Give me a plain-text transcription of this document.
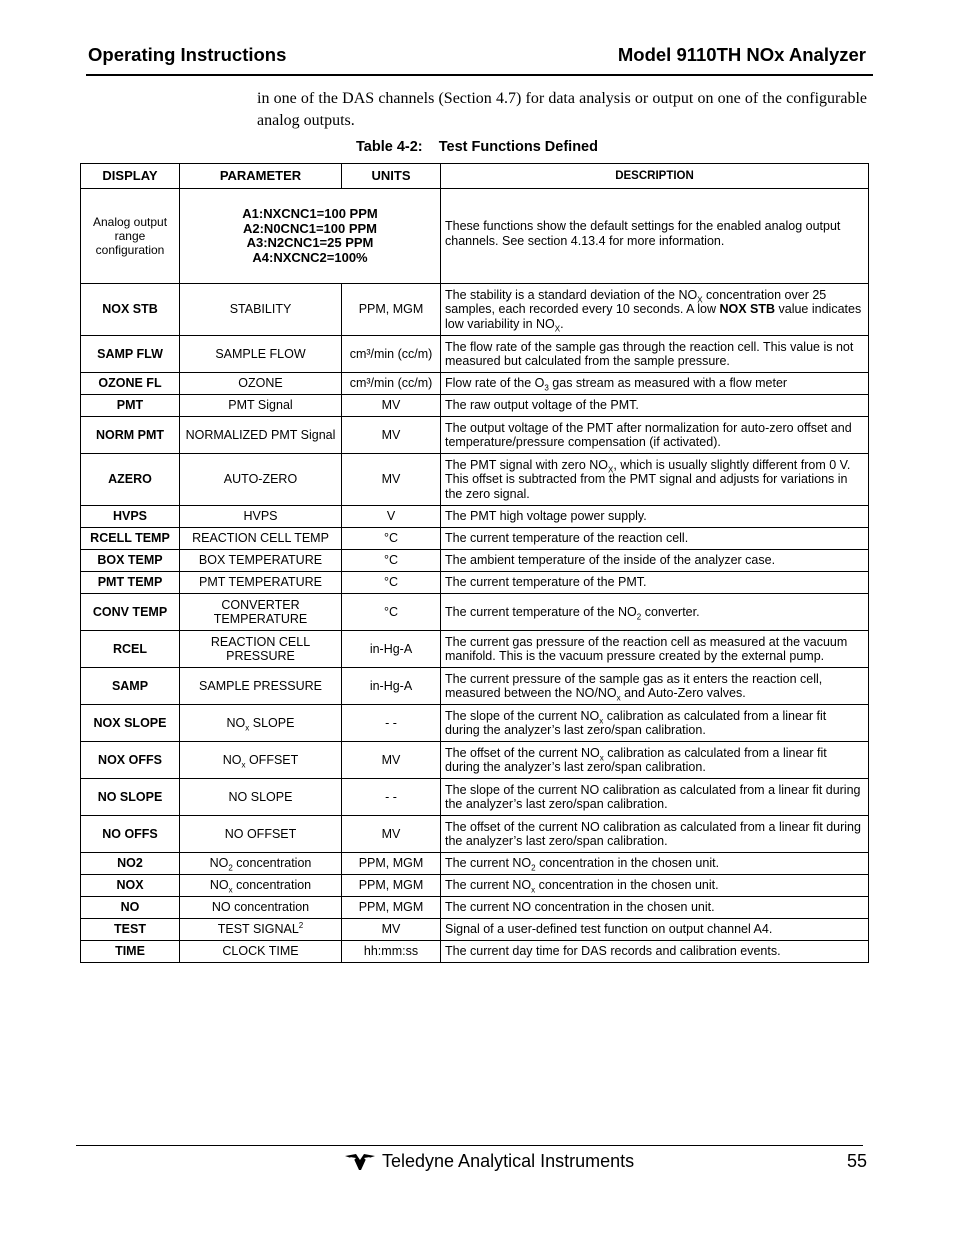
Operating Instructions	Model 9110TH NOx Analyzer
in one of the DAS channels (Section 4.7) for data analysis or output on one of the configurable analog outputs.
Table 4-2:    Test Functions Defined
DISPLAY	PARAMETER	UNITS	DESCRIPTION
Analog output range configuration	A1:NXCNC1=100 PPM
A2:N0CNC1=100 PPM
A3:N2CNC1=25 PPM
A4:NXCNC2=100%		These functions show the default settings for the enabled analog output channels. See section 4.13.4 for more information.
NOX STB	STABILITY	PPM, MGM	The stability is a standard deviation of the $NO_X$ concentration over 25 samples, each recorded every 10 seconds. A low NOX STB value indicates low variability in $NO_X$.
SAMP FLW	SAMPLE FLOW	cm³/min (cc/m)	The flow rate of the sample gas through the reaction cell. This value is not measured but calculated from the sample pressure.
OZONE FL	OZONE	cm³/min (cc/m)	Flow rate of the $O_3$ gas stream as measured with a flow meter
PMT	PMT Signal	MV	The raw output voltage of the PMT.
NORM PMT	NORMALIZED PMT Signal	MV	The output voltage of the PMT after normalization for auto-zero offset and temperature/pressure compensation (if activated).
AZERO	AUTO-ZERO	MV	The PMT signal with zero $NO_X$, which is usually slightly different from 0 V. This offset is subtracted from the PMT signal and adjusts for variations in the zero signal.
HVPS	HVPS	V	The PMT high voltage power supply.
RCELL TEMP	REACTION CELL TEMP	°C	The current temperature of the reaction cell.
BOX TEMP	BOX TEMPERATURE	°C	The ambient temperature of the inside of the analyzer case.
PMT TEMP	PMT TEMPERATURE	°C	The current temperature of the PMT.
CONV TEMP	CONVERTER TEMPERATURE	°C	The current temperature of the $NO_2$ converter.
RCEL	REACTION CELL PRESSURE	in-Hg-A	The current gas pressure of the reaction cell as measured at the vacuum manifold. This is the vacuum pressure created by the external pump.
SAMP	SAMPLE PRESSURE	in-Hg-A	The current pressure of the sample gas as it enters the reaction cell, measured between the $NO/NO_x$ and Auto-Zero valves.
NOX SLOPE	$NO_x$ SLOPE	- -	The slope of the current $NO_x$ calibration as calculated from a linear fit during the analyzer’s last zero/span calibration.
NOX OFFS	$NO_x$ OFFSET	MV	The offset of the current $NO_x$ calibration as calculated from a linear fit during the analyzer’s last zero/span calibration.
NO SLOPE	NO SLOPE	- -	The slope of the current NO calibration as calculated from a linear fit during the analyzer’s last zero/span calibration.
NO OFFS	NO OFFSET	MV	The offset of the current NO calibration as calculated from a linear fit during the analyzer’s last zero/span calibration.
NO2	$NO_2$ concentration	PPM, MGM	The current $NO_2$ concentration in the chosen unit.
NOX	$NO_x$ concentration	PPM, MGM	The current $NO_x$ concentration in the chosen unit.
NO	NO concentration	PPM, MGM	The current NO concentration in the chosen unit.
TEST	TEST SIGNAL$^2$	MV	Signal of a user-defined test function on output channel A4.
TIME	CLOCK TIME	hh:mm:ss	The current day time for DAS records and calibration events.
Teledyne Analytical Instruments	55
